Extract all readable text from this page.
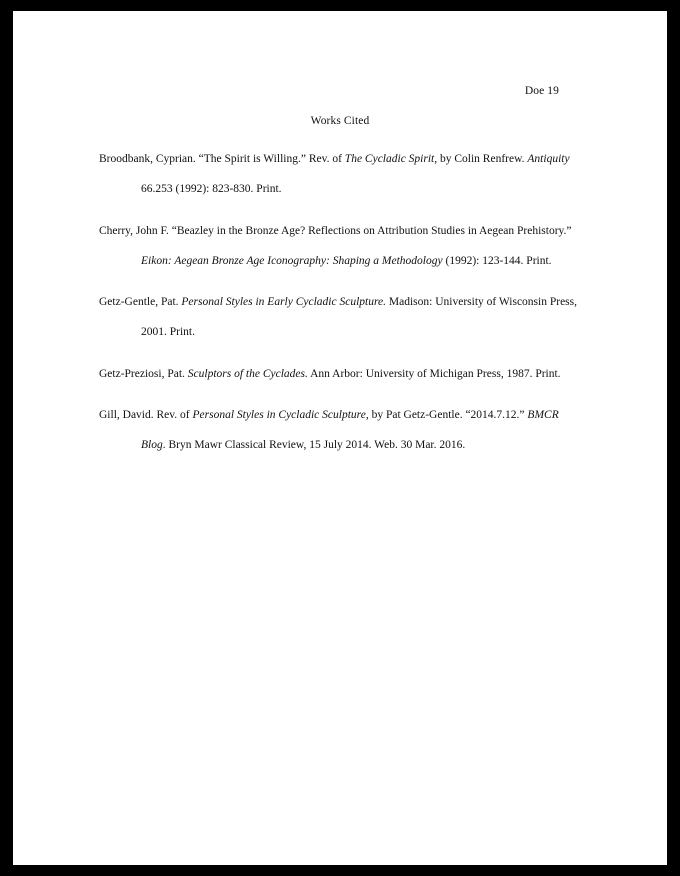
Doe 19
Works Cited

Broodbank, Cyprian. “The Spirit is Willing.” Rev. of The Cycladic Spirit, by Colin Renfrew. Antiquity 66.253 (1992): 823-830. Print.

Cherry, John F. “Beazley in the Bronze Age? Reflections on Attribution Studies in Aegean Prehistory.” Eikon: Aegean Bronze Age Iconography: Shaping a Methodology (1992): 123-144. Print.

Getz-Gentle, Pat. Personal Styles in Early Cycladic Sculpture. Madison: University of Wisconsin Press, 2001. Print.

Getz-Preziosi, Pat. Sculptors of the Cyclades. Ann Arbor: University of Michigan Press, 1987. Print.

Gill, David. Rev. of Personal Styles in Cycladic Sculpture, by Pat Getz-Gentle. “2014.7.12.” BMCR Blog. Bryn Mawr Classical Review, 15 July 2014. Web. 30 Mar. 2016.
